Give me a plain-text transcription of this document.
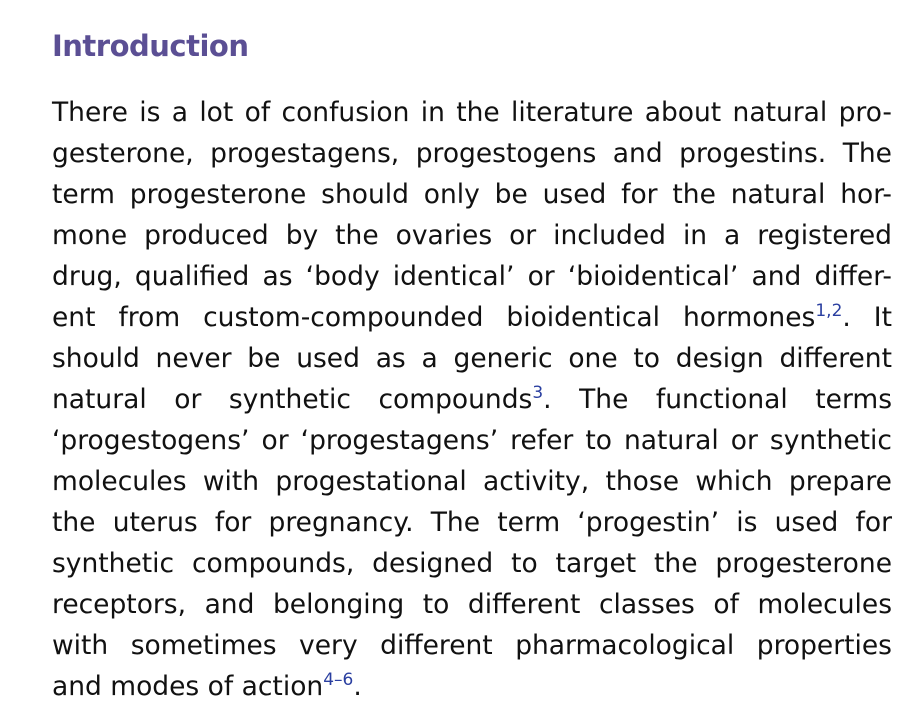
Introduction
There is a lot of confusion in the literature about natural pro-
gesterone, progestagens, progestogens and progestins. The
term progesterone should only be used for the natural hor-
mone produced by the ovaries or included in a registered
drug, qualified as ‘body identical’ or ‘bioidentical’ and differ-
ent from custom-compounded bioidentical hormones$^{1,2}$. It
should never be used as a generic one to design different
natural or synthetic compounds$^3$. The functional terms
‘progestogens’ or ‘progestagens’ refer to natural or synthetic
molecules with progestational activity, those which prepare
the uterus for pregnancy. The term ‘progestin’ is used for
synthetic compounds, designed to target the progesterone
receptors, and belonging to different classes of molecules
with sometimes very different pharmacological properties
and modes of action$^{4-6}$.
